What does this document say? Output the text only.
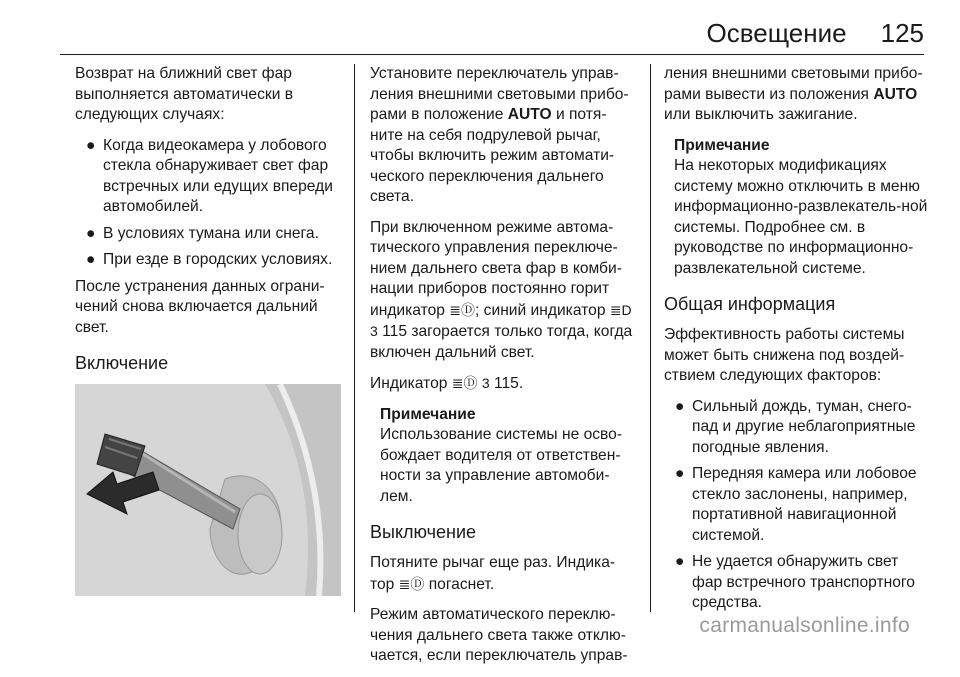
Освещение 125

Возврат на ближний свет фар выполняется автоматически в следующих случаях:

● Когда видеокамера у лобового стекла обнаруживает свет фар встречных или едущих впереди автомобилей.
● В условиях тумана или снега.
● При езде в городских условиях.

После устранения данных ограни-чений снова включается дальний свет.

Включение

Установите переключатель управ-ления внешними световыми прибо-рами в положение AUTO и потя-ните на себя подрулевой рычаг, чтобы включить режим автомати-ческого переключения дальнего света.

При включенном режиме автома-тического управления переключе-нием дальнего света фар в комби-нации приборов постоянно горит индикатор ≣Ⓓ; синий индикатор ≣D 3 115 загорается только тогда, когда включен дальний свет.

Индикатор ≣Ⓓ 3 115.

Примечание

Использование системы не осво-бождает водителя от ответствен-ности за управление автомоби-лем.

Выключение

Потяните рычаг еще раз. Индика-тор ≣Ⓓ погаснет.

Режим автоматического переклю-чения дальнего света также отклю-чается, если переключатель управ-

ления внешними световыми прибо-рами вывести из положения AUTO или выключить зажигание.

Примечание

На некоторых модификациях систему можно отключить в меню информационно-развлекатель-ной системы. Подробнее см. в руководстве по информационно-развлекательной системе.

Общая информация

Эффективность работы системы может быть снижена под воздей-ствием следующих факторов:

● Сильный дождь, туман, снего-пад и другие неблагоприятные погодные явления.
● Передняя камера или лобовое стекло заслонены, например, портативной навигационной системой.
● Не удается обнаружить свет фар встречного транспортного средства.
carmanualsonline.info
